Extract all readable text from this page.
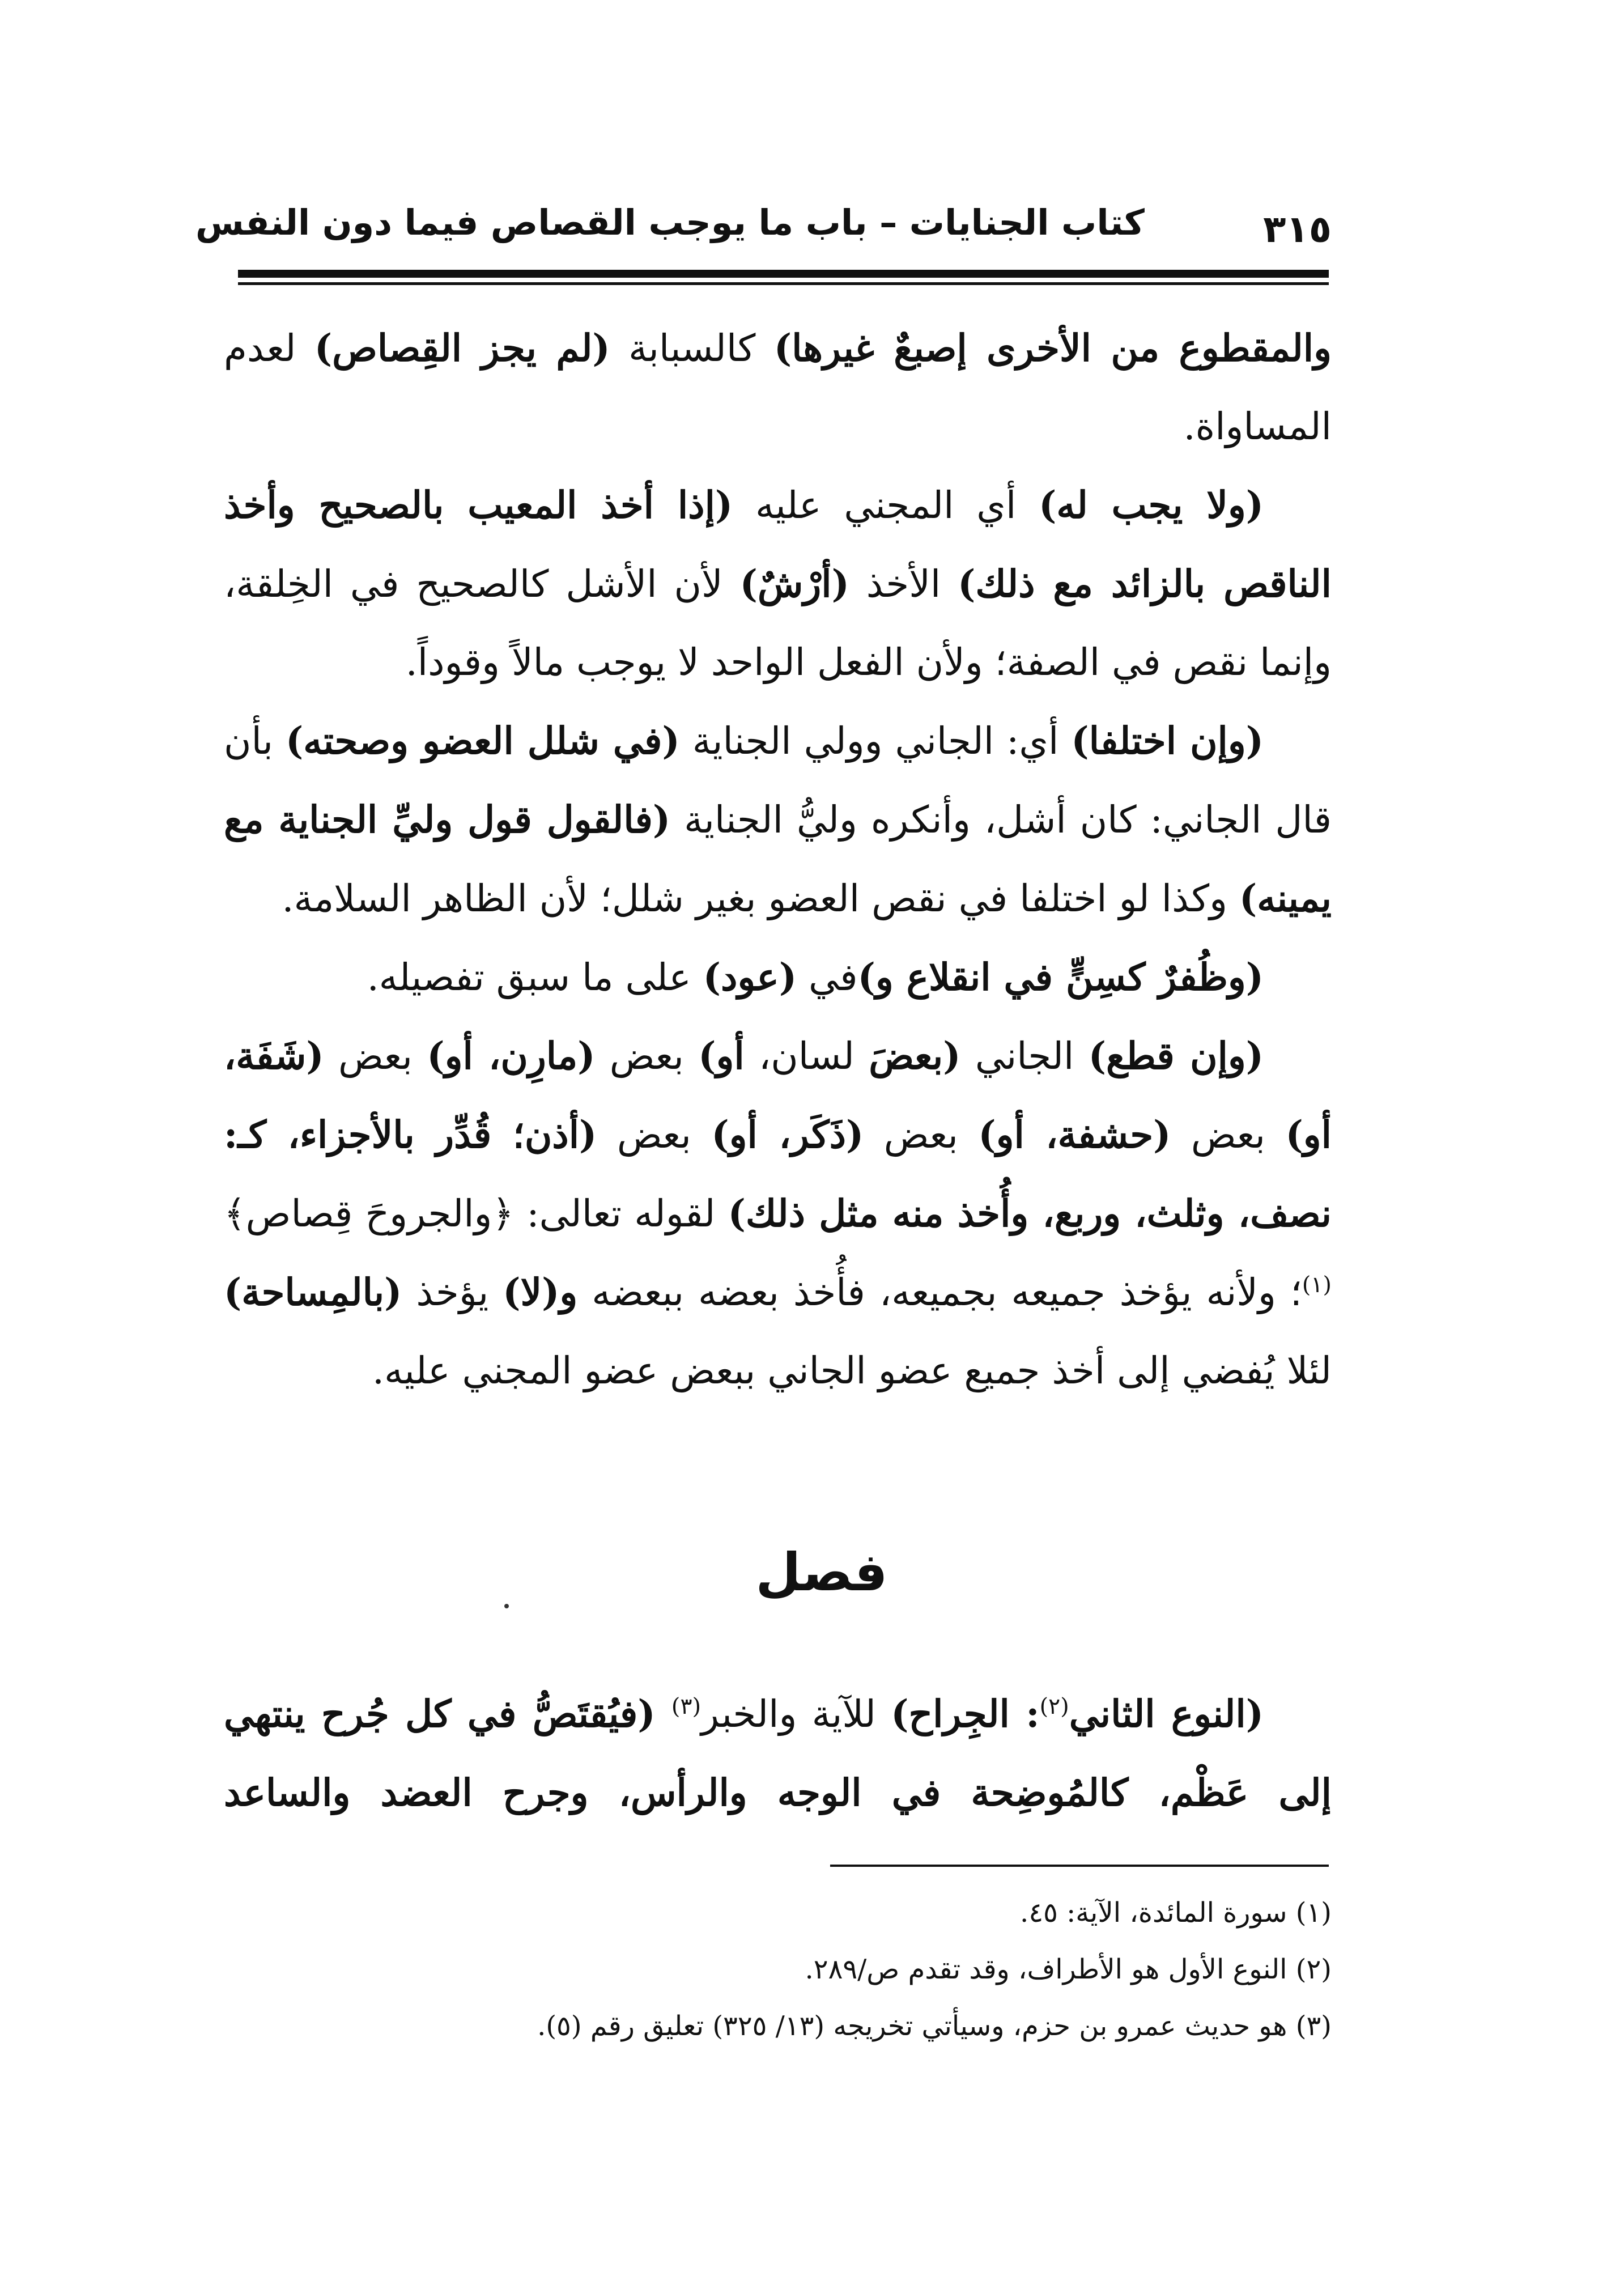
كتاب الجنايات – باب ما يوجب القصاص فيما دون النفس	٣١٥

والمقطوع من الأخرى إصبعٌ غيرها) كالسبابة (لم يجز القِصاص) لعدم المساواة.

(ولا يجب له) أي المجني عليه (إذا أخذ المعيب بالصحيح وأخذ الناقص بالزائد مع ذلك) الأخذ (أرْشٌ) لأن الأشل كالصحيح في الخِلقة، وإنما نقص في الصفة؛ ولأن الفعل الواحد لا يوجب مالاً وقوداً.

(وإن اختلفا) أي: الجاني وولي الجناية (في شلل العضو وصحته) بأن قال الجاني: كان أشل، وأنكره وليُّ الجناية (فالقول قول وليِّ الجناية مع يمينه) وكذا لو اختلفا في نقص العضو بغير شلل؛ لأن الظاهر السلامة.

(وظُفرٌ كسِنٍّ في انقلاع و)في (عود) على ما سبق تفصيله.

(وإن قطع) الجاني (بعضَ لسان، أو) بعض (مارِن، أو) بعض (شَفَة، أو) بعض (حشفة، أو) بعض (ذَكَر، أو) بعض (أذن؛ قُدِّر بالأجزاء، كـ: نصف، وثلث، وربع، وأُخذ منه مثل ذلك) لقوله تعالى: ﴿والجروحَ قِصاص﴾$^{(١)}$؛ ولأنه يؤخذ جميعه بجميعه، فأُخذ بعضه ببعضه و(لا) يؤخذ (بالمِساحة) لئلا يُفضي إلى أخذ جميع عضو الجاني ببعض عضو المجني عليه.

فصل

(النوع الثاني$^{(٢)}$: الجِراح) للآية والخبر$^{(٣)}$ (فيُقتَصُّ في كل جُرح ينتهي إلى عَظْم، كالمُوضِحة في الوجه والرأس، وجرح العضد والساعد

(١) سورة المائدة، الآية: ٤٥.

(٢) النوع الأول هو الأطراف، وقد تقدم ص/٢٨٩.

(٣) هو حديث عمرو بن حزم، وسيأتي تخريجه (١٣/ ٣٢٥) تعليق رقم (٥).
